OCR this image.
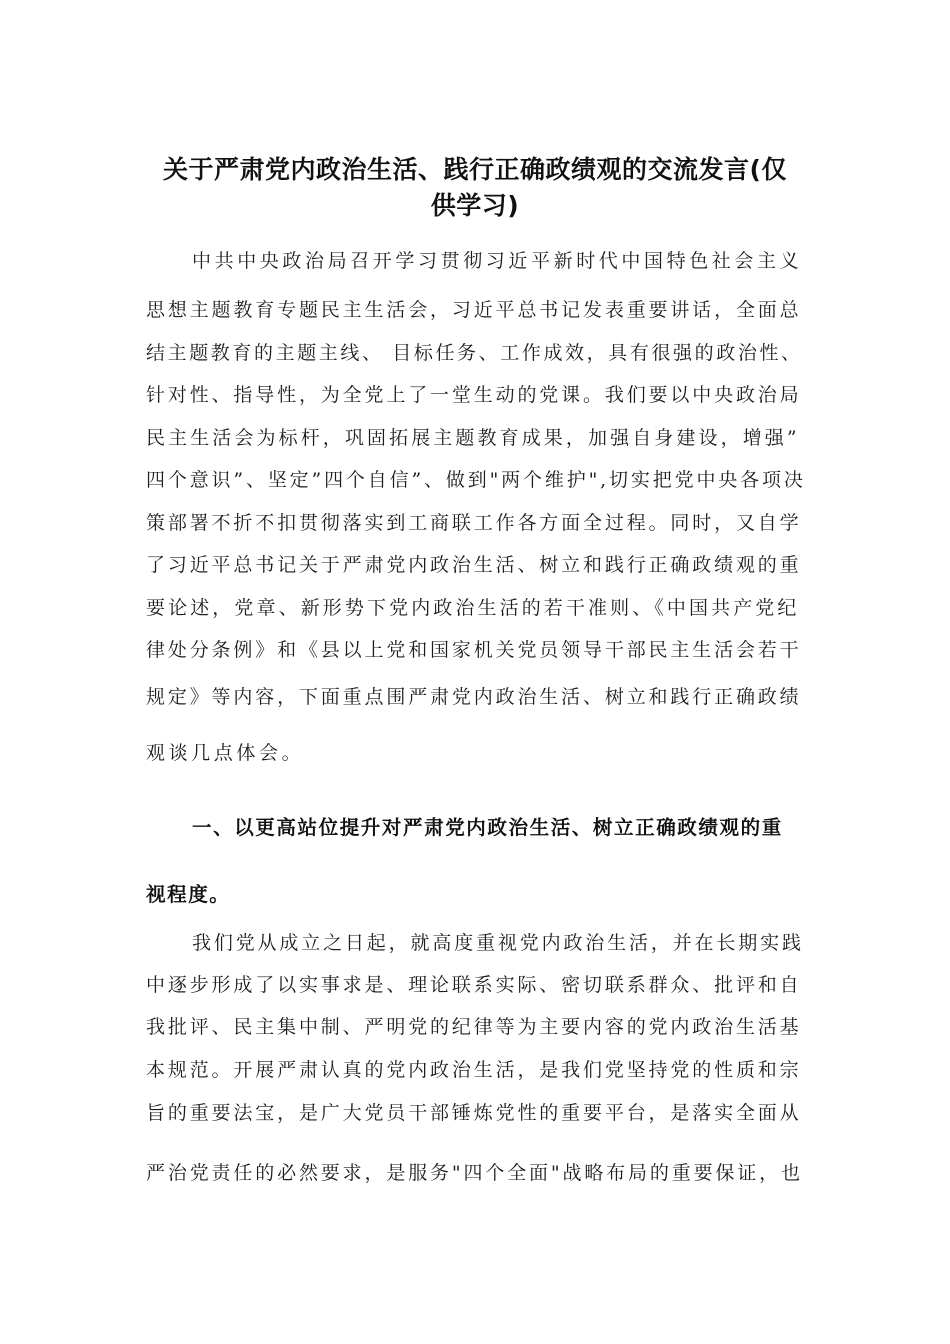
关于严肃党内政治生活、践行正确政绩观的交流发言(仅
供学习)

中共中央政治局召开学习贯彻习近平新时代中国特色社会主义

思想主题教育专题民主生活会，习近平总书记发表重要讲话，全面总

结主题教育的主题主线、 目标任务、工作成效，具有很强的政治性、

针对性、指导性，为全党上了一堂生动的党课。我们要以中央政治局

民主生活会为标杆，巩固拓展主题教育成果，加强自身建设，增强”

四个意识”、坚定”四个自信”、做到"两个维护",切实把党中央各项决

策部署不折不扣贯彻落实到工商联工作各方面全过程。同时，又自学

了习近平总书记关于严肃党内政治生活、树立和践行正确政绩观的重

要论述，党章、新形势下党内政治生活的若干准则、《中国共产党纪

律处分条例》和《县以上党和国家机关党员领导干部民主生活会若干

规定》等内容，下面重点围严肃党内政治生活、树立和践行正确政绩

观谈几点体会。

一、以更高站位提升对严肃党内政治生活、树立正确政绩观的重

视程度。

我们党从成立之日起，就高度重视党内政治生活，并在长期实践

中逐步形成了以实事求是、理论联系实际、密切联系群众、批评和自

我批评、民主集中制、严明党的纪律等为主要内容的党内政治生活基

本规范。开展严肃认真的党内政治生活，是我们党坚持党的性质和宗

旨的重要法宝，是广大党员干部锤炼党性的重要平台，是落实全面从

严治党责任的必然要求，是服务"四个全面"战略布局的重要保证，也
